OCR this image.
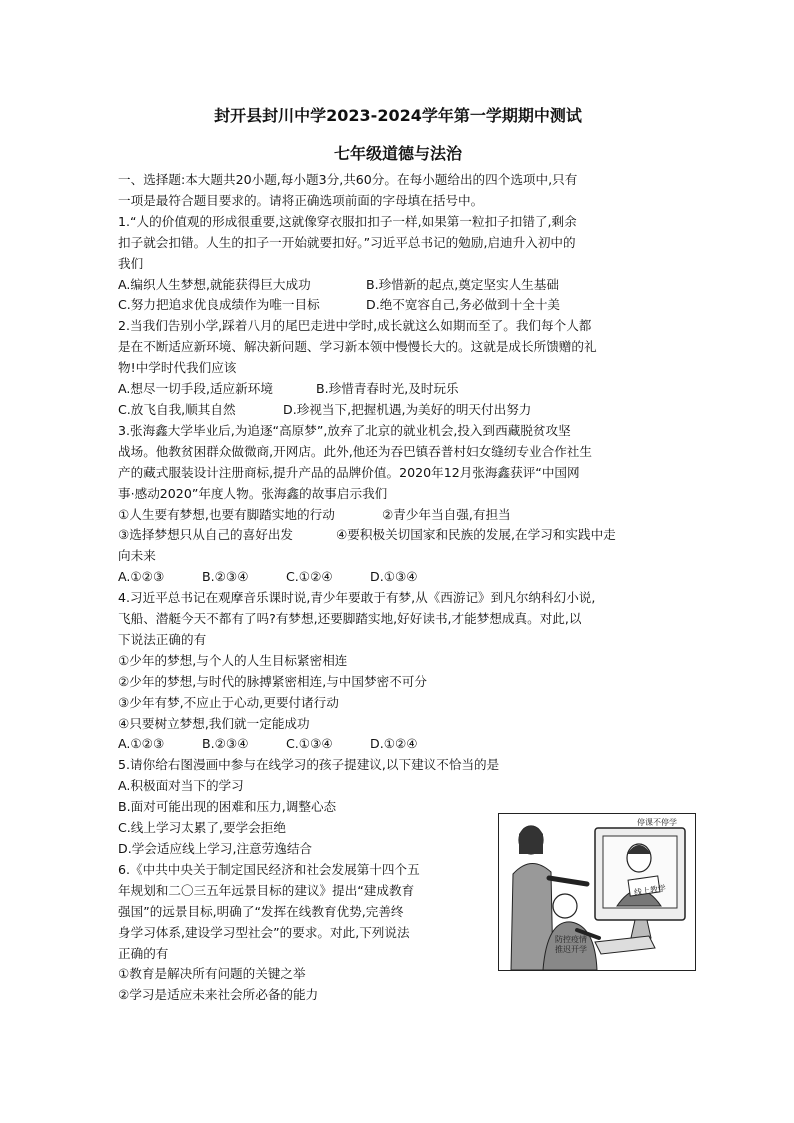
封开县封川中学2023-2024学年第一学期期中测试
七年级道德与法治

一、选择题:本大题共20小题,每小题3分,共60分。在每小题给出的四个选项中,只有

一项是最符合题目要求的。请将正确选项前面的字母填在括号中。

1.“人的价值观的形成很重要,这就像穿衣服扣扣子一样,如果第一粒扣子扣错了,剩余

扣子就会扣错。人生的扣子一开始就要扣好。”习近平总书记的勉励,启迪升入初中的

我们

A.编织人生梦想,就能获得巨大成功	B.珍惜新的起点,奠定坚实人生基础
C.努力把追求优良成绩作为唯一目标	D.绝不宽容自己,务必做到十全十美

2.当我们告别小学,踩着八月的尾巴走进中学时,成长就这么如期而至了。我们每个人都

是在不断适应新环境、解决新问题、学习新本领中慢慢长大的。这就是成长所馈赠的礼

物!中学时代我们应该

A.想尽一切手段,适应新环境	B.珍惜青春时光,及时玩乐
C.放飞自我,顺其自然	D.珍视当下,把握机遇,为美好的明天付出努力

3.张海鑫大学毕业后,为追逐“高原梦”,放弃了北京的就业机会,投入到西藏脱贫攻坚

战场。他教贫困群众做微商,开网店。此外,他还为吞巴镇吞普村妇女缝纫专业合作社生

产的藏式服装设计注册商标,提升产品的品牌价值。2020年12月张海鑫获评“中国网

事·感动2020”年度人物。张海鑫的故事启示我们

①人生要有梦想,也要有脚踏实地的行动	②青少年当自强,有担当
③选择梦想只从自己的喜好出发	④要积极关切国家和民族的发展,在学习和实践中走

向未来

A.①②③	B.②③④	C.①②④	D.①③④

4.习近平总书记在观摩音乐课时说,青少年要敢于有梦,从《西游记》到凡尔纳科幻小说,

飞船、潜艇今天不都有了吗?有梦想,还要脚踏实地,好好读书,才能梦想成真。对此,以

下说法正确的有

①少年的梦想,与个人的人生目标紧密相连

②少年的梦想,与时代的脉搏紧密相连,与中国梦密不可分

③少年有梦,不应止于心动,更要付诸行动

④只要树立梦想,我们就一定能成功

A.①②③	B.②③④	C.①③④	D.①②④

5.请你给右图漫画中参与在线学习的孩子提建议,以下建议不恰当的是

A.积极面对当下的学习

B.面对可能出现的困难和压力,调整心态

C.线上学习太累了,要学会拒绝

D.学会适应线上学习,注意劳逸结合

6.《中共中央关于制定国民经济和社会发展第十四个五

年规划和二〇三五年远景目标的建议》提出“建成教育

强国”的远景目标,明确了“发挥在线教育优势,完善终

身学习体系,建设学习型社会”的要求。对此,下列说法

正确的有

①教育是解决所有问题的关键之举

②学习是适应未来社会所必备的能力

停课不停学
线上教学
防控疫情
推迟开学
